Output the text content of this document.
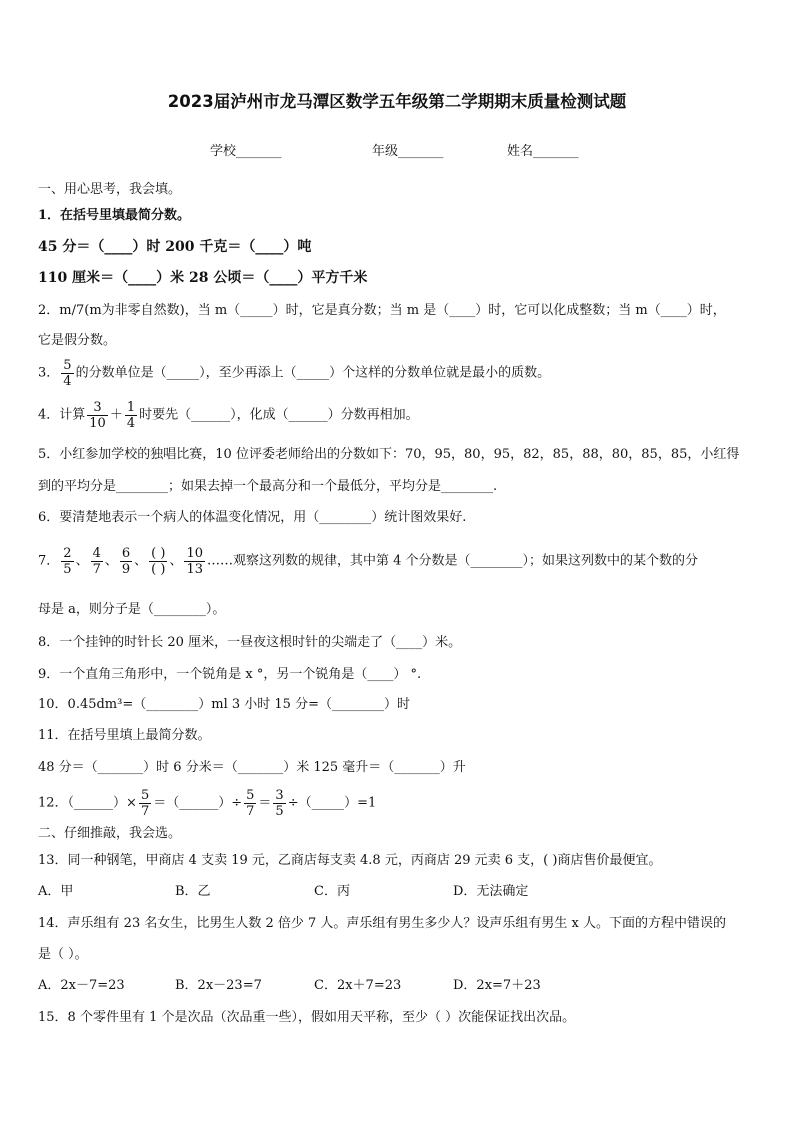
2023届泸州市龙马潭区数学五年级第二学期期末质量检测试题
学校_______	年级_______	姓名_______
一、用心思考，我会填。
1．在括号里填最简分数。
45 分＝（____）时 200 千克＝（____）吨
110 厘米＝（____）米 28 公顷＝（____）平方千米
2．m/7(m为非零自然数)，当 m（_____）时，它是真分数；当 m 是（____）时，它可以化成整数；当 m（____）时，
它是假分数。
3． $\frac{5}{4}$ 的分数单位是（_____），至少再添上（_____）个这样的分数单位就是最小的质数。
4．计算 $\frac{3}{10} + \frac{1}{4}$ 时要先（______），化成（______）分数再相加。
5．小红参加学校的独唱比赛，10 位评委老师给出的分数如下：70，95，80，95，82，85，88，80，85，85，小红得
到的平均分是________；如果去掉一个最高分和一个最低分，平均分是________.
6．要清楚地表示一个病人的体温变化情况，用（________）统计图效果好.
7． $\frac{2}{5}$ 、 $\frac{4}{7}$ 、 $\frac{6}{9}$ 、 $\frac{( )}{( )}$ 、 $\frac{10}{13}$ ……观察这列数的规律，其中第 4 个分数是（________）；如果这列数中的某个数的分
母是 a，则分子是（________）。
8．一个挂钟的时针长 20 厘米，一昼夜这根时针的尖端走了（____）米。
9．一个直角三角形中，一个锐角是 x °，另一个锐角是（____） °.
10．0.45dm³=（________）ml 3 小时 15 分=（________）时
11．在括号里填上最简分数。
48 分＝（_______）时 6 分米＝（_______）米 125 毫升＝（_______）升
12．（______）× $\frac{5}{7}$ ＝（______）÷ $\frac{5}{7} = \frac{3}{5}$ ÷（_____）=1
二、仔细推敲，我会选。
13．同一种钢笔，甲商店 4 支卖 19 元，乙商店每支卖 4.8 元，丙商店 29 元卖 6 支，( )商店售价最便宜。
A．甲	B．乙	C．丙	D．无法确定
14．声乐组有 23 名女生，比男生人数 2 倍少 7 人。声乐组有男生多少人？设声乐组有男生 x 人。下面的方程中错误的
是（ ）。
A．2x－7=23	B．2x－23=7	C．2x＋7=23	D．2x=7＋23
15．8 个零件里有 1 个是次品（次品重一些），假如用天平称，至少（ ）次能保证找出次品。
